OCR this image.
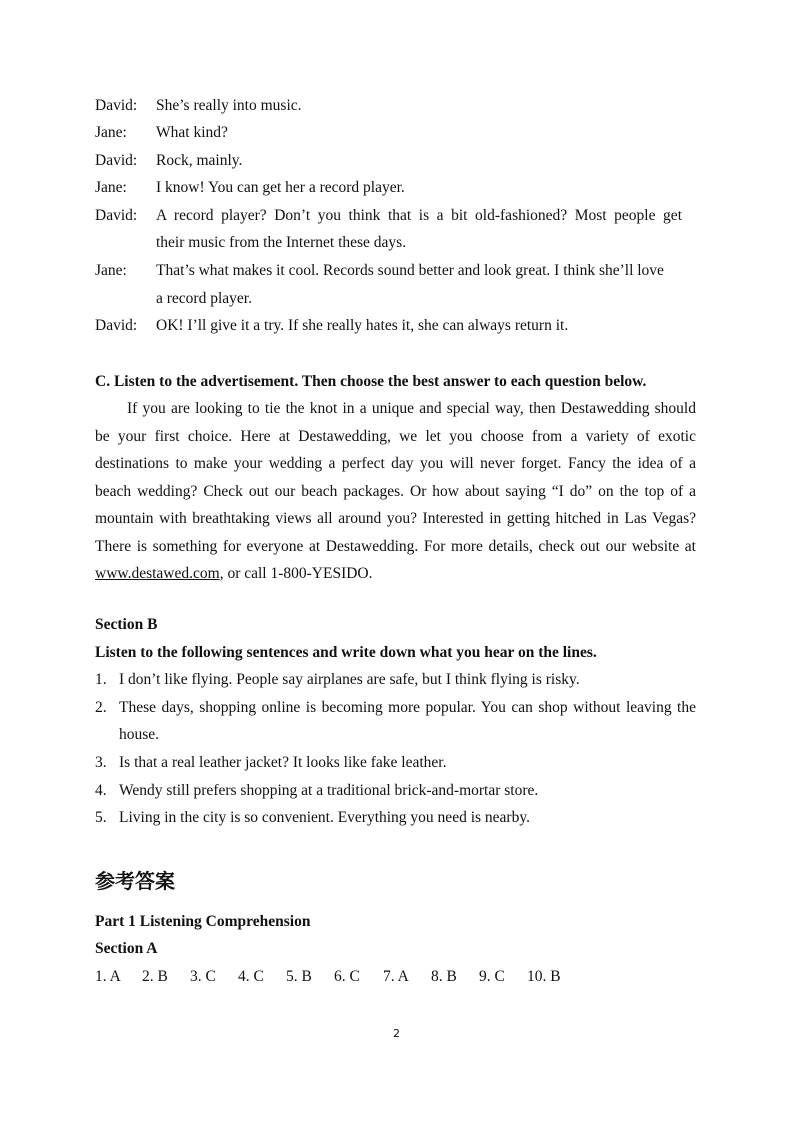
David: She’s really into music.
Jane: What kind?
David: Rock, mainly.
Jane: I know! You can get her a record player.
David: A record player? Don’t you think that is a bit old-fashioned? Most people get
their music from the Internet these days.
Jane: That’s what makes it cool. Records sound better and look great. I think she’ll love
a record player.
David: OK! I’ll give it a try. If she really hates it, she can always return it.
C. Listen to the advertisement. Then choose the best answer to each question below.
If you are looking to tie the knot in a unique and special way, then Destawedding should
be your first choice. Here at Destawedding, we let you choose from a variety of exotic
destinations to make your wedding a perfect day you will never forget. Fancy the idea of a
beach wedding? Check out our beach packages. Or how about saying “I do” on the top of a
mountain with breathtaking views all around you? Interested in getting hitched in Las Vegas?
There is something for everyone at Destawedding. For more details, check out our website at
www.destawed.com, or call 1-800-YESIDO.
Section B
Listen to the following sentences and write down what you hear on the lines.
1. I don’t like flying. People say airplanes are safe, but I think flying is risky.
2. These days, shopping online is becoming more popular. You can shop without leaving the
house.
3. Is that a real leather jacket? It looks like fake leather.
4. Wendy still prefers shopping at a traditional brick-and-mortar store.
5. Living in the city is so convenient. Everything you need is nearby.
参考答案
Part 1 Listening Comprehension
Section A
1. A 2. B 3. C 4. C 5. B 6. C 7. A 8. B 9. C 10. B
2
